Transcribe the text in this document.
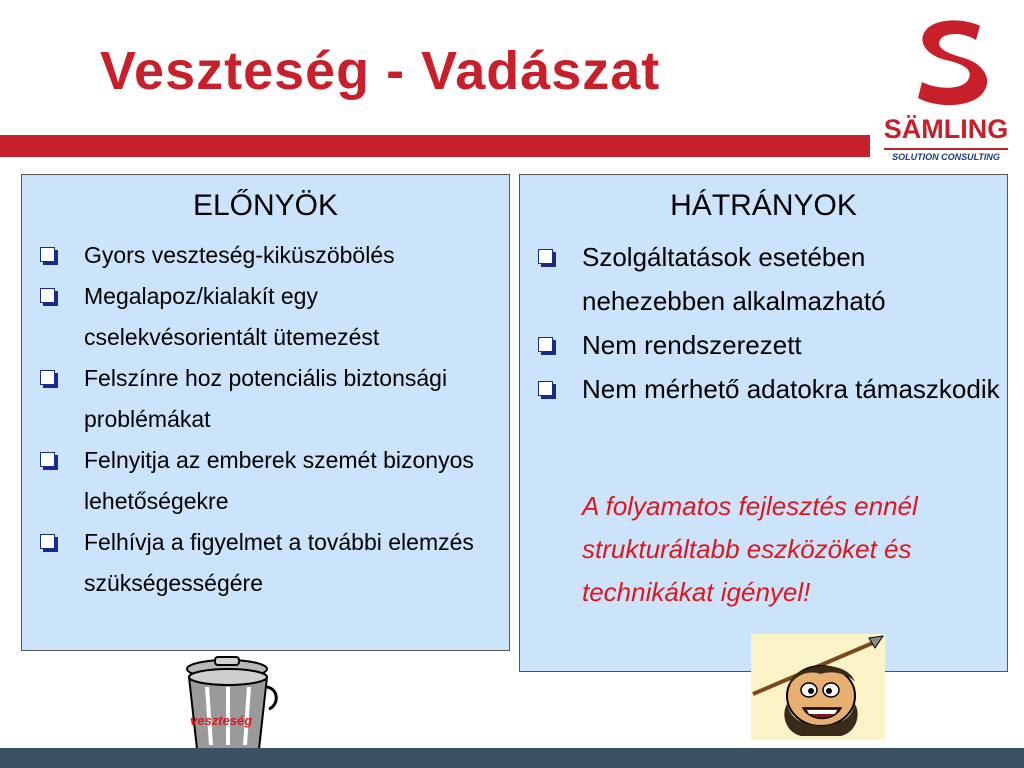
Veszteség - Vadászat
SÄMLING
SOLUTION CONSULTING
ELŐNYÖK
Gyors veszteség-kiküszöbölés
Megalapoz/kialakít egy cselekvésorientált ütemezést
Felszínre hoz potenciális biztonsági problémákat
Felnyitja az emberek szemét bizonyos lehetőségekre
Felhívja a figyelmet a további elemzés szükségességére
HÁTRÁNYOK
Szolgáltatások esetében nehezebben alkalmazható
Nem rendszerezett
Nem mérhető adatokra támaszkodik
A folyamatos fejlesztés ennél strukturáltabb eszközöket és technikákat igényel!
veszteség
